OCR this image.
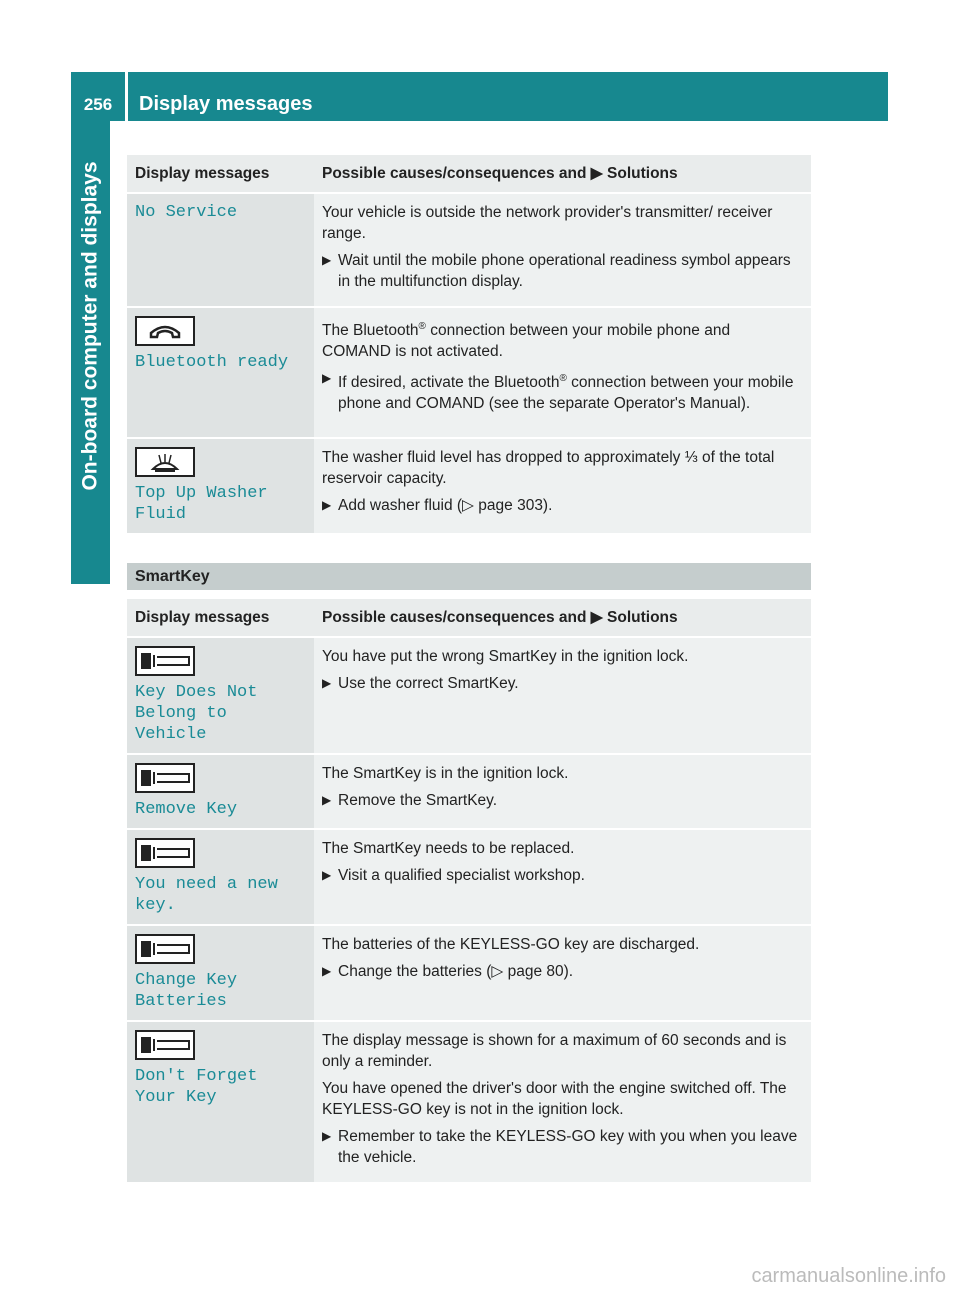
256	Display messages
On-board computer and displays Display messages	Possible causes/consequences and ▶ Solutions

No Service	Your vehicle is outside the network provider's transmitter/ receiver range.

▶ Wait until the mobile phone operational readiness symbol appears in the multifunction display.

Bluetooth ready	The Bluetooth® connection between your mobile phone and COMAND is not activated.

▶ If desired, activate the Bluetooth® connection between your mobile phone and COMAND (see the separate Operator's Manual).

Top Up Washer Fluid	The washer fluid level has dropped to approximately ⅓ of the total reservoir capacity.

▶ Add washer fluid (▷ page 303).

SmartKey
Display messages	Possible causes/consequences and ▶ Solutions

Key Does Not Belong to Vehicle	You have put the wrong SmartKey in the ignition lock.

▶ Use the correct SmartKey.

Remove Key	The SmartKey is in the ignition lock.

▶ Remove the SmartKey.

You need a new key.	The SmartKey needs to be replaced.

▶ Visit a qualified specialist workshop.

Change Key Batteries	The batteries of the KEYLESS-GO key are discharged.

▶ Change the batteries (▷ page 80).

Don't Forget Your Key	The display message is shown for a maximum of 60 seconds and is only a reminder.

You have opened the driver's door with the engine switched off. The KEYLESS-GO key is not in the ignition lock.

▶ Remember to take the KEYLESS-GO key with you when you leave the vehicle.

carmanualsonline.info
